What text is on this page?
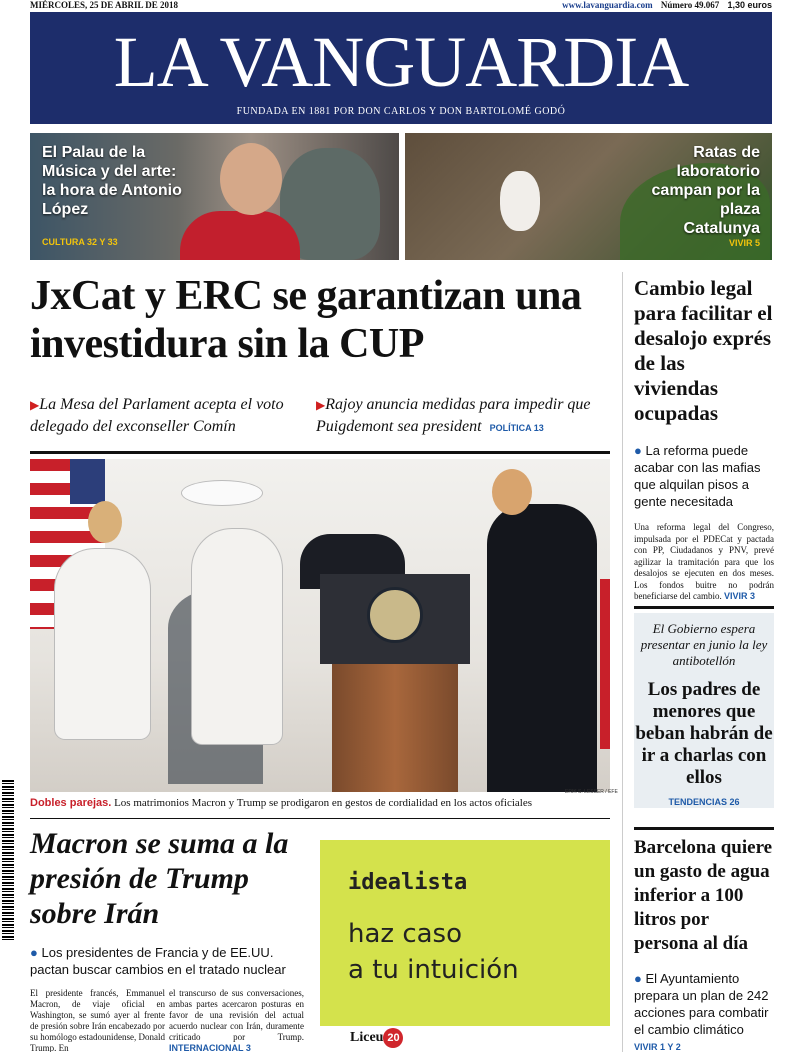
MIÉRCOLES, 25 DE ABRIL DE 2018	www.lavanguardia.com Número 49.067 1,30 euros
LA VANGUARDIA
FUNDADA EN 1881 POR DON CARLOS Y DON BARTOLOMÉ GODÓ
El Palau de la Música y del arte: la hora de Antonio López
CULTURA 32 Y 33
Ratas de laboratorio campan por la plaza Catalunya
VIVIR 5
JxCat y ERC se garantizan una investidura sin la CUP
▶La Mesa del Parlament acepta el voto delegado del exconseller Comín
▶Rajoy anuncia medidas para impedir que Puigdemont sea president POLÍTICA 13
ERIK S. LESSER / EFE
Dobles parejas. Los matrimonios Macron y Trump se prodigaron en gestos de cordialidad en los actos oficiales
Macron se suma a la presión de Trump sobre Irán
● Los presidentes de Francia y de EE.UU. pactan buscar cambios en el tratado nuclear
El presidente francés, Emmanuel Macron, de viaje oficial en Washington, se sumó ayer al frente de presión sobre Irán encabezado por su homólogo estadounidense, Donald Trump. En
el transcurso de sus conversaciones, ambas partes acercaron posturas en favor de una revisión del actual acuerdo nuclear con Irán, duramente criticado por Trump. INTERNACIONAL 3
idealista
haz caso
a tu intuición
Liceu 20
Cambio legal para facilitar el desalojo exprés de las viviendas ocupadas
● La reforma puede acabar con las mafias que alquilan pisos a gente necesitada
Una reforma legal del Congreso, impulsada por el PDECat y pactada con PP, Ciudadanos y PNV, prevé agilizar la tramitación para que los desalojos se ejecuten en dos meses. Los fondos buitre no podrán beneficiarse del cambio. VIVIR 3
El Gobierno espera presentar en junio la ley antibotellón
Los padres de menores que beban habrán de ir a charlas con ellos
TENDENCIAS 26
Barcelona quiere un gasto de agua inferior a 100 litros por persona al día
● El Ayuntamiento prepara un plan de 242 acciones para combatir el cambio climático
VIVIR 1 Y 2
